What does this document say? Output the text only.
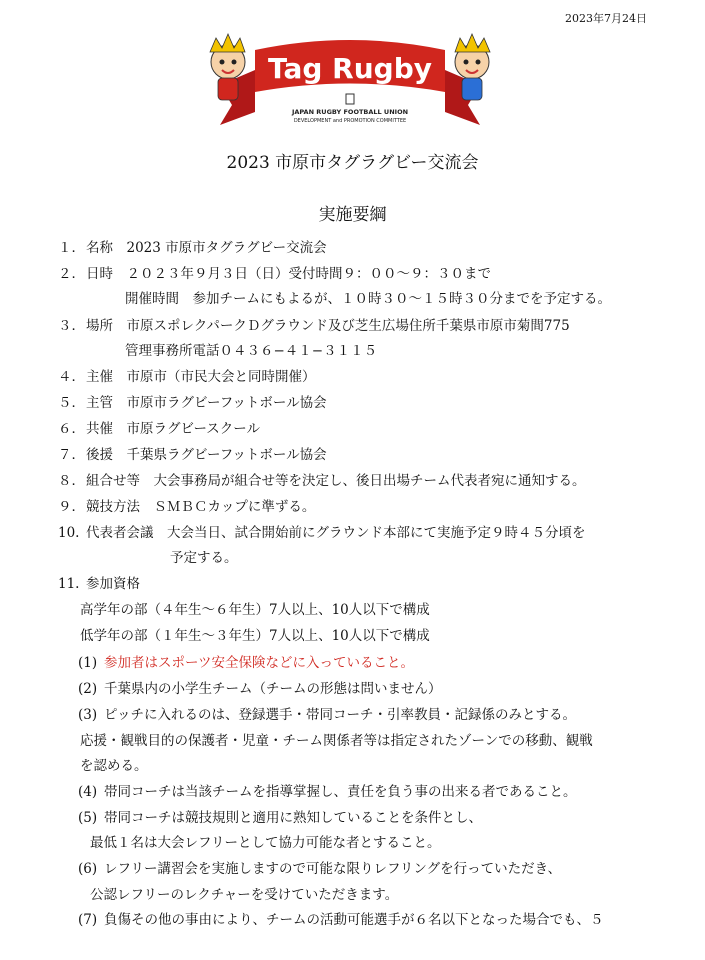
2023年7月24日
Tag Rugby
JAPAN RUGBY FOOTBALL UNION
DEVELOPMENT and PROMOTION COMMITTEE
2023 市原市タグラグビー交流会
実施要綱
１． 名称　2023 市原市タグラグビー交流会
２． 日時　２０２３年９月３日（日）受付時間９：００〜９：３０まで
開催時間　参加チームにもよるが、１０時３０〜１５時３０分までを予定する。
３． 場所　市原スポレクパークＤグラウンド及び芝生広場住所千葉県市原市菊間775
管理事務所電話０４３６−４１−３１１５
４． 主催　市原市（市民大会と同時開催）
５． 主管　市原市ラグビーフットボール協会
６． 共催　市原ラグビースクール
７． 後援　千葉県ラグビーフットボール協会
８． 組合せ等　大会事務局が組合せ等を決定し、後日出場チーム代表者宛に通知する。
９． 競技方法　ＳＭＢＣカップに準ずる。
10. 代表者会議　大会当日、試合開始前にグラウンド本部にて実施予定９時４５分頃を
予定する。
11. 参加資格
高学年の部（４年生〜６年生）7人以上、10人以下で構成
低学年の部（１年生〜３年生）7人以上、10人以下で構成
(1) 参加者はスポーツ安全保険などに入っていること。
(2) 千葉県内の小学生チーム（チームの形態は問いません）
(3) ピッチに入れるのは、登録選手・帯同コーチ・引率教員・記録係のみとする。
応援・観戦目的の保護者・児童・チーム関係者等は指定されたゾーンでの移動、観戦
を認める。
(4) 帯同コーチは当該チームを指導掌握し、責任を負う事の出来る者であること。
(5) 帯同コーチは競技規則と適用に熟知していることを条件とし、
最低１名は大会レフリーとして協力可能な者とすること。
(6) レフリー講習会を実施しますので可能な限りレフリングを行っていただき、
公認レフリーのレクチャーを受けていただきます。
(7) 負傷その他の事由により、チームの活動可能選手が６名以下となった場合でも、５
